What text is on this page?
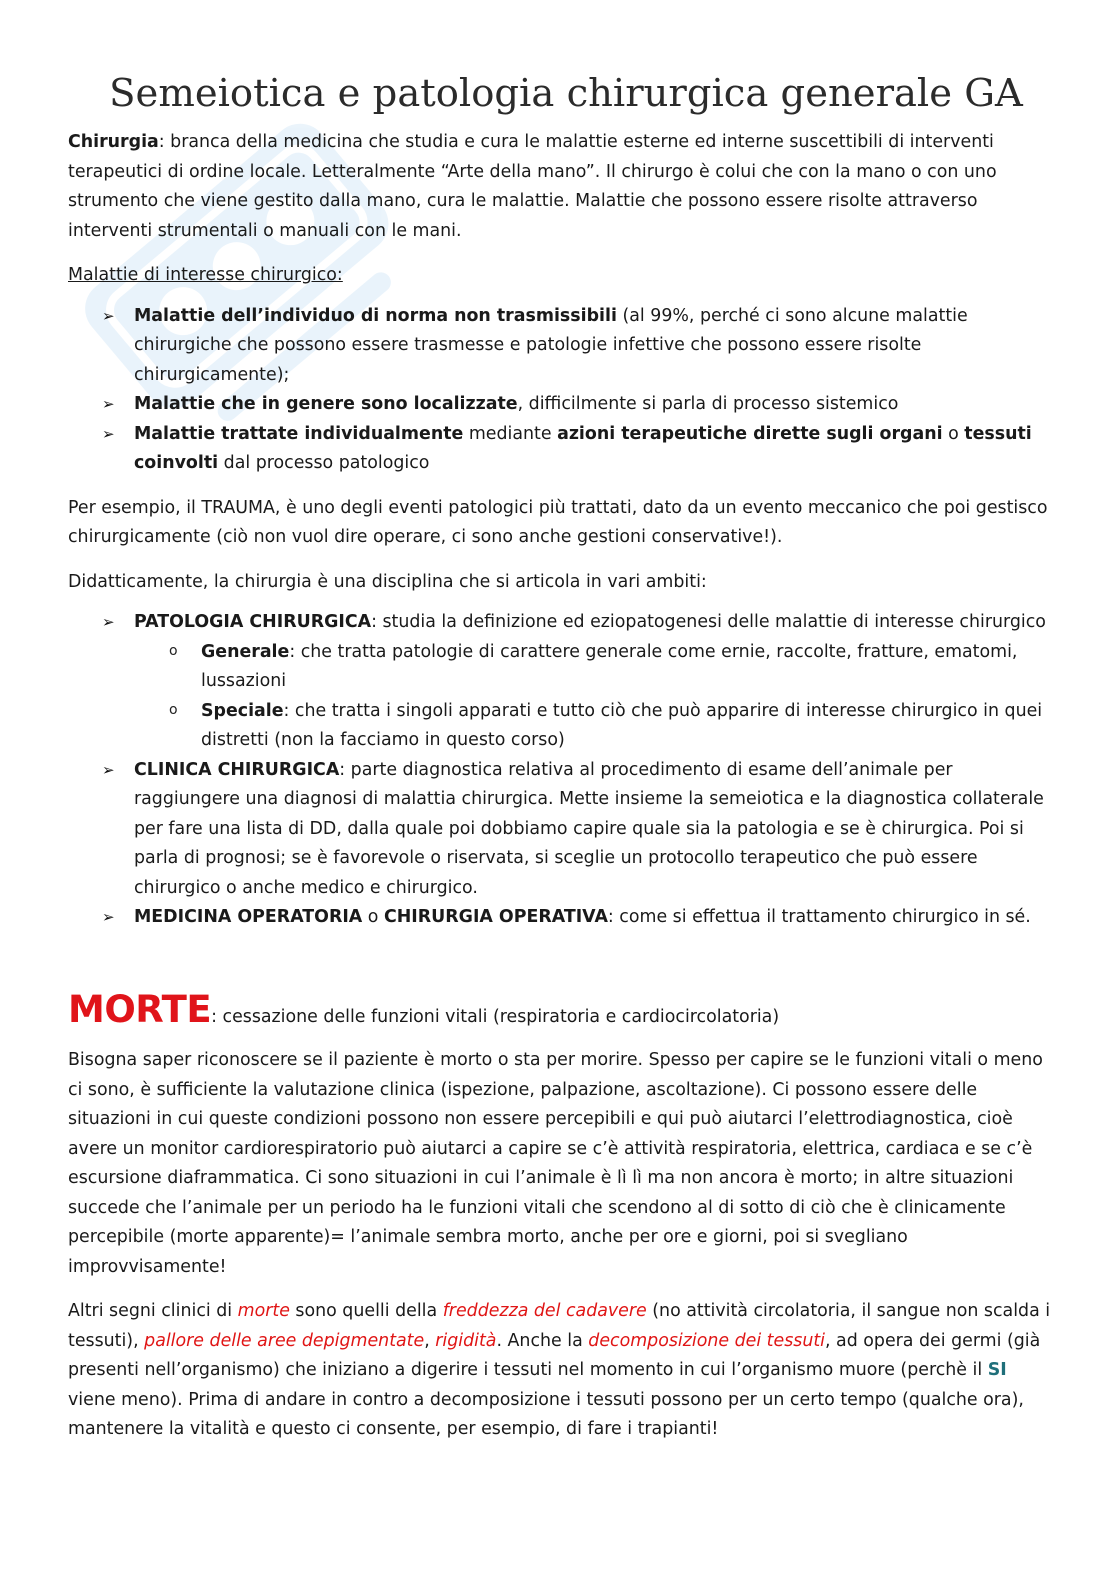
Semeiotica e patologia chirurgica generale GA

Chirurgia: branca della medicina che studia e cura le malattie esterne ed interne suscettibili di interventi terapeutici di ordine locale. Letteralmente “Arte della mano”. Il chirurgo è colui che con la mano o con uno strumento che viene gestito dalla mano, cura le malattie. Malattie che possono essere risolte attraverso interventi strumentali o manuali con le mani.

Malattie di interesse chirurgico:

➢ Malattie dell’individuo di norma non trasmissibili (al 99%, perché ci sono alcune malattie chirurgiche che possono essere trasmesse e patologie infettive che possono essere risolte chirurgicamente);
➢ Malattie che in genere sono localizzate, difficilmente si parla di processo sistemico
➢ Malattie trattate individualmente mediante azioni terapeutiche dirette sugli organi o tessuti coinvolti dal processo patologico

Per esempio, il TRAUMA, è uno degli eventi patologici più trattati, dato da un evento meccanico che poi gestisco chirurgicamente (ciò non vuol dire operare, ci sono anche gestioni conservative!).

Didatticamente, la chirurgia è una disciplina che si articola in vari ambiti:

➢ PATOLOGIA CHIRURGICA: studia la definizione ed eziopatogenesi delle malattie di interesse chirurgico
o Generale: che tratta patologie di carattere generale come ernie, raccolte, fratture, ematomi, lussazioni
o Speciale: che tratta i singoli apparati e tutto ciò che può apparire di interesse chirurgico in quei distretti (non la facciamo in questo corso)
➢ CLINICA CHIRURGICA: parte diagnostica relativa al procedimento di esame dell’animale per raggiungere una diagnosi di malattia chirurgica. Mette insieme la semeiotica e la diagnostica collaterale per fare una lista di DD, dalla quale poi dobbiamo capire quale sia la patologia e se è chirurgica. Poi si parla di prognosi; se è favorevole o riservata, si sceglie un protocollo terapeutico che può essere chirurgico o anche medico e chirurgico.
➢ MEDICINA OPERATORIA o CHIRURGIA OPERATIVA: come si effettua il trattamento chirurgico in sé.

MORTE: cessazione delle funzioni vitali (respiratoria e cardiocircolatoria)

Bisogna saper riconoscere se il paziente è morto o sta per morire. Spesso per capire se le funzioni vitali o meno ci sono, è sufficiente la valutazione clinica (ispezione, palpazione, ascoltazione). Ci possono essere delle situazioni in cui queste condizioni possono non essere percepibili e qui può aiutarci l’elettrodiagnostica, cioè avere un monitor cardiorespiratorio può aiutarci a capire se c’è attività respiratoria, elettrica, cardiaca e se c’è escursione diaframmatica. Ci sono situazioni in cui l’animale è lì lì ma non ancora è morto; in altre situazioni succede che l’animale per un periodo ha le funzioni vitali che scendono al di sotto di ciò che è clinicamente percepibile (morte apparente)= l’animale sembra morto, anche per ore e giorni, poi si svegliano improvvisamente!

Altri segni clinici di morte sono quelli della freddezza del cadavere (no attività circolatoria, il sangue non scalda i tessuti), pallore delle aree depigmentate, rigidità. Anche la decomposizione dei tessuti, ad opera dei germi (già presenti nell’organismo) che iniziano a digerire i tessuti nel momento in cui l’organismo muore (perchè il SI viene meno). Prima di andare in contro a decomposizione i tessuti possono per un certo tempo (qualche ora), mantenere la vitalità e questo ci consente, per esempio, di fare i trapianti!
